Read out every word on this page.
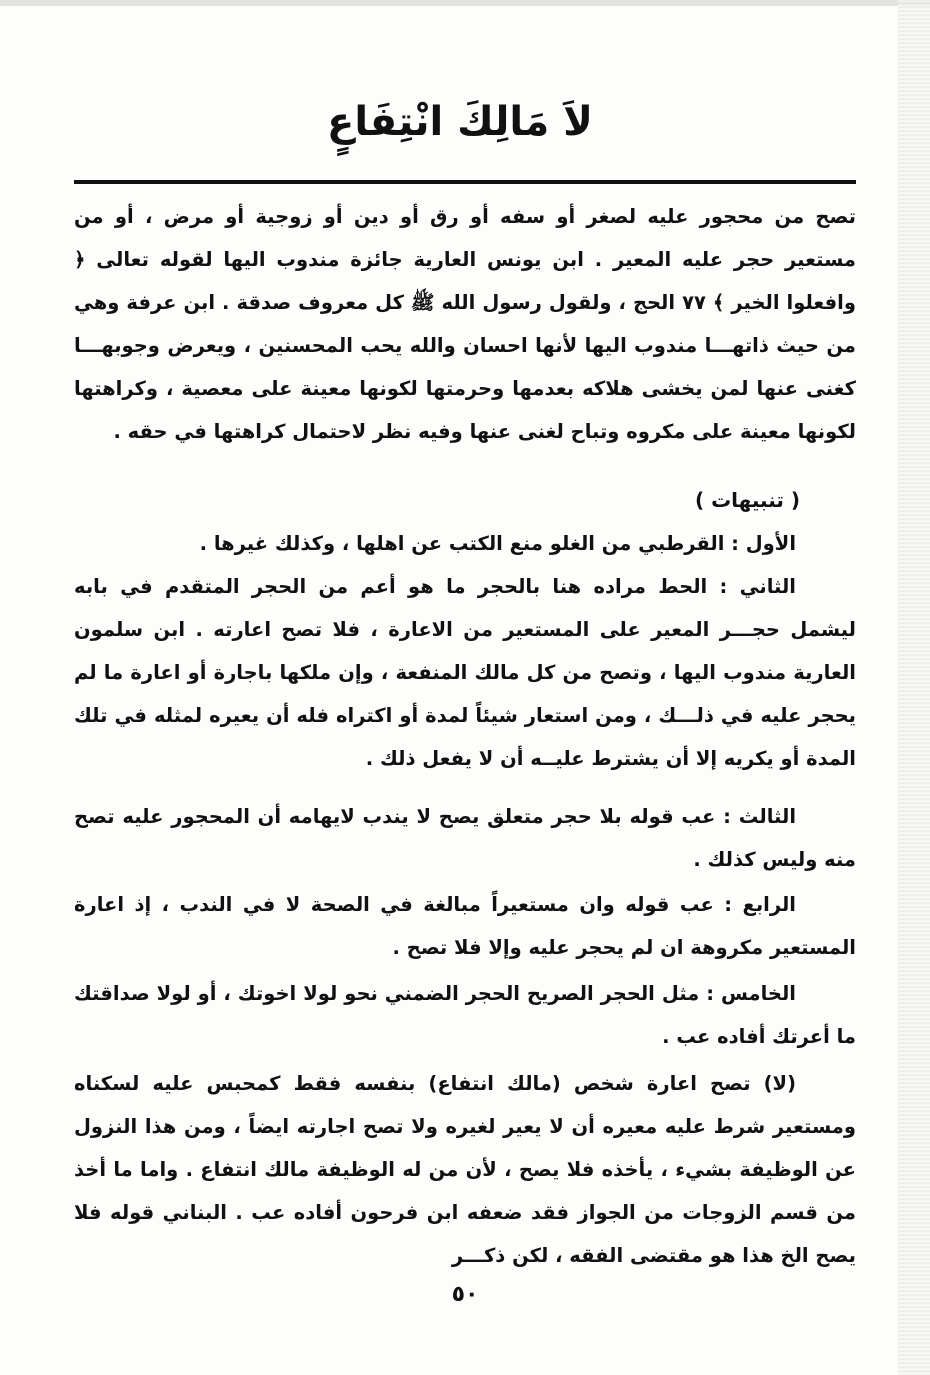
لاَ مَالِكَ انْتِفَاعٍ

تصح من محجور عليه لصغر أو سفه أو رق أو دين أو زوجية أو مرض ، أو من مستعير حجر عليه المعير . ابن يونس العارية جائزة مندوب اليها لقوله تعالى ﴿ وافعلوا الخير ﴾ ٧٧ الحج ، ولقول رسول الله ﷺ كل معروف صدقة . ابن عرفة وهي من حيث ذاتهـــا مندوب اليها لأنها احسان والله يحب المحسنين ، ويعرض وجوبهـــا كغنى عنها لمن يخشى هلاكه بعدمها وحرمتها لكونها معينة على معصية ، وكراهتها لكونها معينة على مكروه وتباح لغنى عنها وفيه نظر لاحتمال كراهتها في حقه .

( تنبيهات )

الأول : القرطبي من الغلو منع الكتب عن اهلها ، وكذلك غيرها .

الثاني : الحط مراده هنا بالحجر ما هو أعم من الحجر المتقدم في بابه ليشمل حجـــر المعير على المستعير من الاعارة ، فلا تصح اعارته . ابن سلمون العارية مندوب اليها ، وتصح من كل مالك المنفعة ، وإن ملكها باجارة أو اعارة ما لم يحجر عليه في ذلـــك ، ومن استعار شيئاً لمدة أو اكتراه فله أن يعيره لمثله في تلك المدة أو يكريه إلا أن يشترط عليــه أن لا يفعل ذلك .

الثالث : عب قوله بلا حجر متعلق يصح لا يندب لايهامه أن المحجور عليه تصح منه وليس كذلك .

الرابع : عب قوله وان مستعيراً مبالغة في الصحة لا في الندب ، إذ اعارة المستعير مكروهة ان لم يحجر عليه وإلا فلا تصح .

الخامس : مثل الحجر الصريح الحجر الضمني نحو لولا اخوتك ، أو لولا صداقتك ما أعرتك أفاده عب .

(لا) تصح اعارة شخص (مالك انتفاع) بنفسه فقط كمحبس عليه لسكناه ومستعير شرط عليه معيره أن لا يعير لغيره ولا تصح اجارته ايضاً ، ومن هذا النزول عن الوظيفة بشيء ، يأخذه فلا يصح ، لأن من له الوظيفة مالك انتفاع . واما ما أخذ من قسم الزوجات من الجواز فقد ضعفه ابن فرحون أفاده عب . البناني قوله فلا يصح الخ هذا هو مقتضى الفقه ، لكن ذكـــر

٥٠
